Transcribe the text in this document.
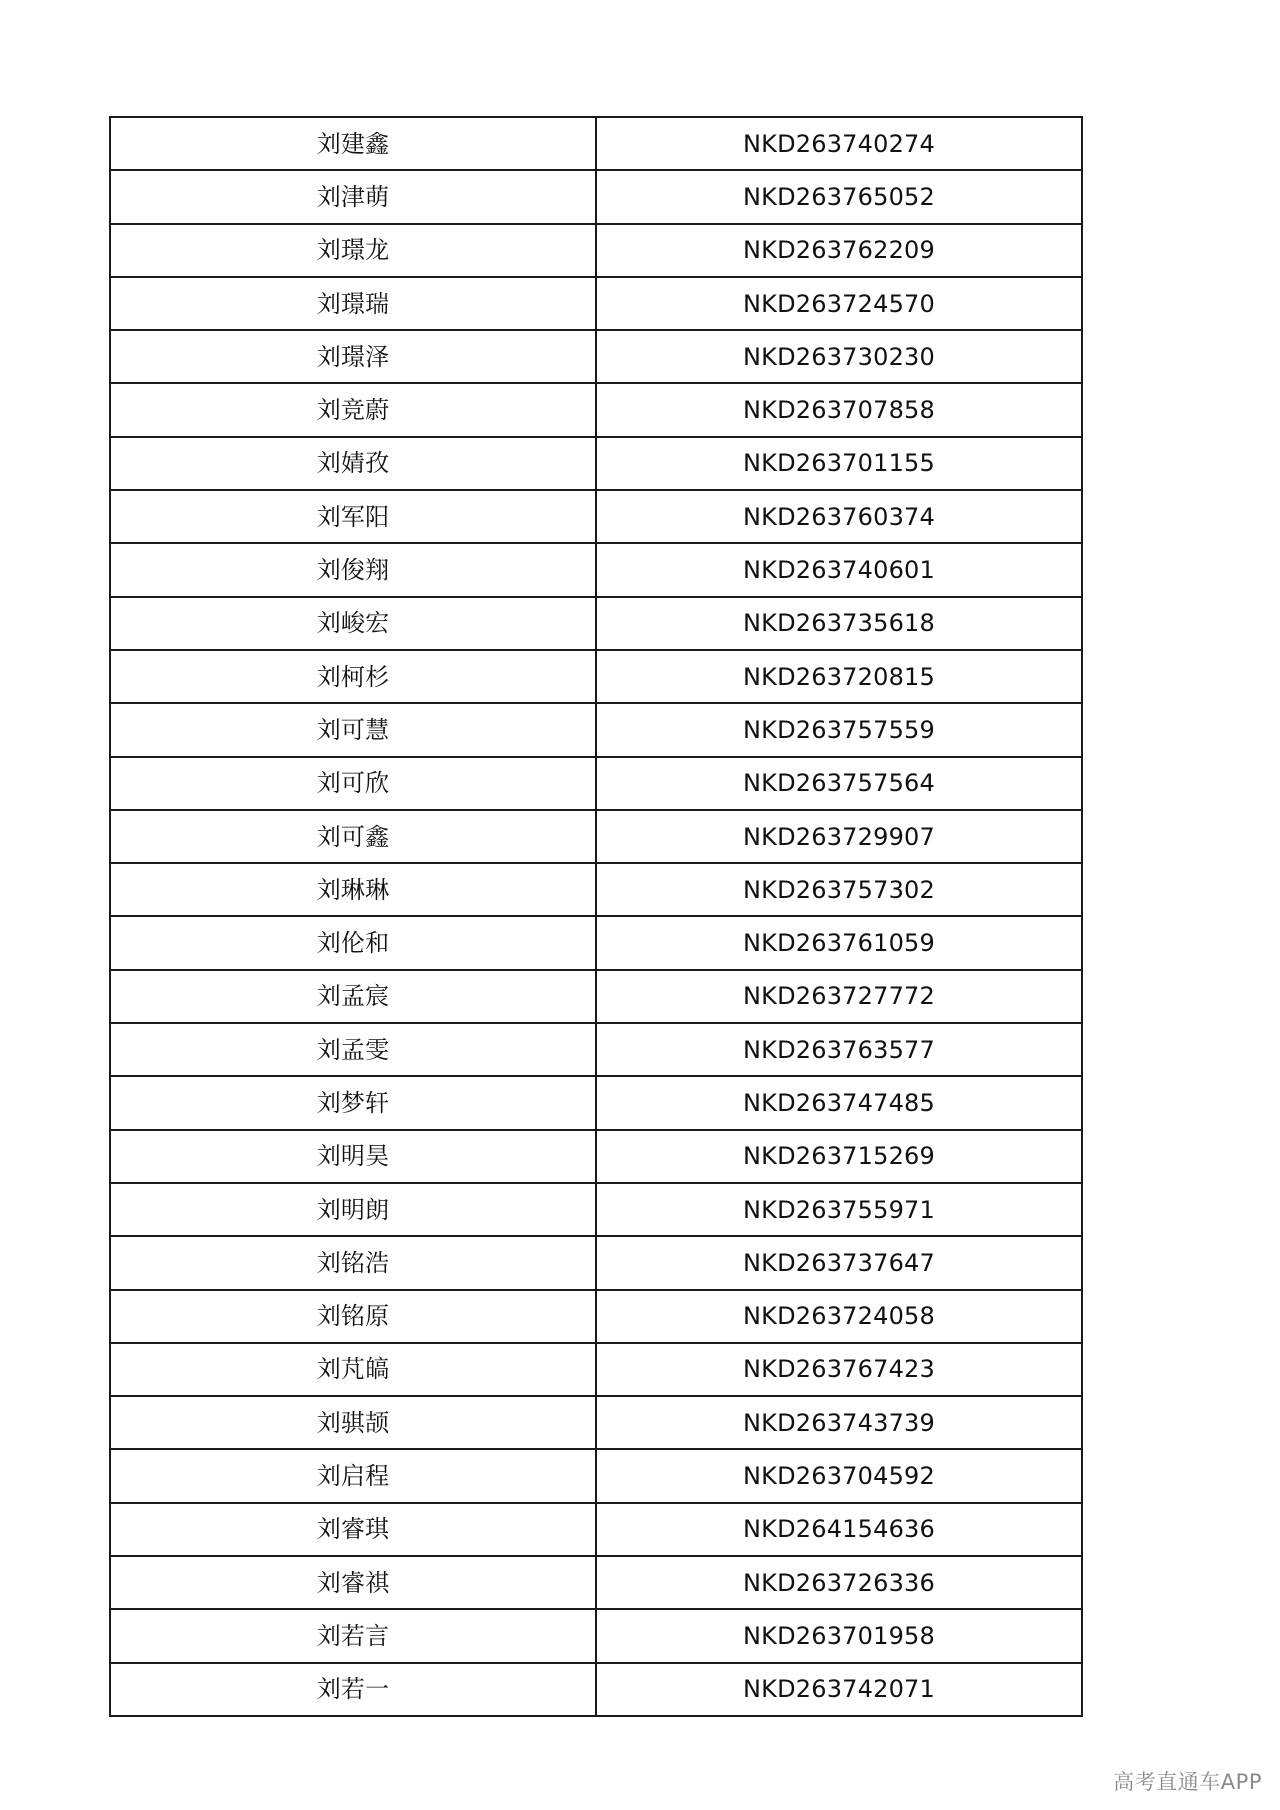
刘建鑫	NKD263740274
刘津萌	NKD263765052
刘璟龙	NKD263762209
刘璟瑞	NKD263724570
刘璟泽	NKD263730230
刘竞蔚	NKD263707858
刘婧孜	NKD263701155
刘军阳	NKD263760374
刘俊翔	NKD263740601
刘峻宏	NKD263735618
刘柯杉	NKD263720815
刘可慧	NKD263757559
刘可欣	NKD263757564
刘可鑫	NKD263729907
刘琳琳	NKD263757302
刘伦和	NKD263761059
刘孟宸	NKD263727772
刘孟雯	NKD263763577
刘梦轩	NKD263747485
刘明昊	NKD263715269
刘明朗	NKD263755971
刘铭浩	NKD263737647
刘铭原	NKD263724058
刘芃皜	NKD263767423
刘骐颉	NKD263743739
刘启程	NKD263704592
刘睿琪	NKD264154636
刘睿祺	NKD263726336
刘若言	NKD263701958
刘若一	NKD263742071
高考直通车APP
